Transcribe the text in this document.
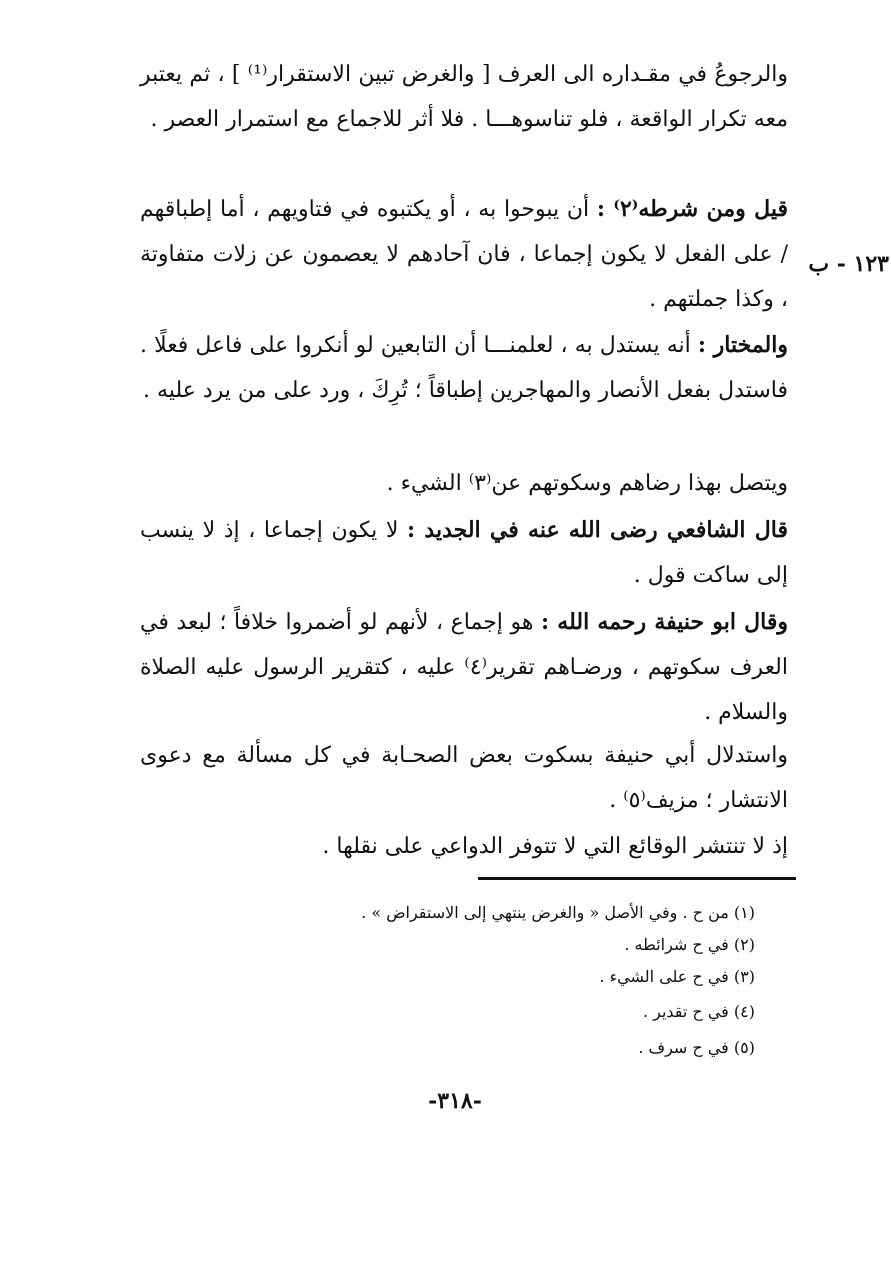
١٢٣ - ب

والرجوعُ في مقـداره الى العرف [ والغرض تبين الاستقرار⁽¹⁾ ] ، ثم يعتبر معه تكرار الواقعة ، فلو تناسوهـــا . فلا أثر للاجماع مع استمرار العصر .

قيل ومن شرطه⁽٢⁾ : أن يبوحوا به ، أو يكتبوه في فتاويهم ، أما إطباقهم / على الفعل لا يكون إجماعا ، فان آحادهم لا يعصمون عن زلات متفاوتة ، وكذا جملتهم .

والمختار : أنه يستدل به ، لعلمنـــا أن التابعين لو أنكروا على فاعل فعلًا . فاستدل بفعل الأنصار والمهاجرين إطباقاً ؛ تُرِكَ ، ورد على من يرد عليه .

ويتصل بهذا رضاهم وسكوتهم عن⁽٣⁾ الشيء .

قال الشافعي رضى الله عنه في الجديد : لا يكون إجماعا ، إذ لا ينسب إلى ساكت قول .

وقال ابو حنيفة رحمه الله : هو إجماع ، لأنهم لو أضمروا خلافاً ؛ لبعد في العرف سكوتهم ، ورضـاهم تقرير⁽٤⁾ عليه ، كتقرير الرسول عليه الصلاة والسلام .

واستدلال أبي حنيفة بسكوت بعض الصحـابة في كل مسألة مع دعوى الانتشار ؛ مزيف⁽٥⁾ .

إذ لا تنتشر الوقائع التي لا تتوفر الدواعي على نقلها .

(١) من ح . وفي الأصل « والغرض ينتهي إلى الاستقراض » .
(٢) في ح شرائطه .
(٣) في ح على الشيء .
(٤) في ح تقدير .
(٥) في ح سرف .
-٣١٨-
